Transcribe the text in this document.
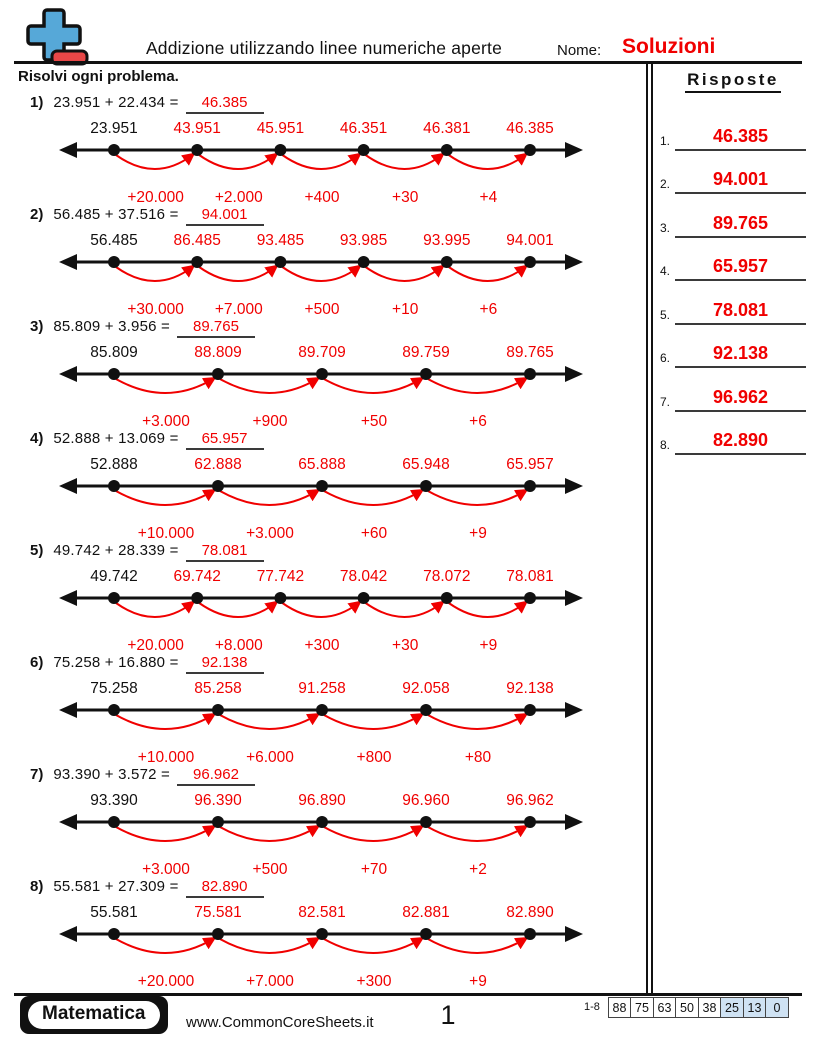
Addizione utilizzando linee numeriche aperte	Nome: Soluzioni
Risolvi ogni problema.
1) 23.951 + 22.434 =	46.385
+20.000 +2.000	+400	+30	+4
23.951 43.951 45.951 46.351 46.381 46.385
2) 56.485 + 37.516 =	94.001
+30.000 +7.000	+500	+10	+6
56.485 86.485 93.485 93.985 93.995 94.001
3) 85.809 + 3.956 =	89.765
+3.000	+900	+50	+6
85.809	88.809	89.709	89.759	89.765
4) 52.888 + 13.069 =	65.957
+10.000	+3.000	+60	+9
52.888	62.888	65.888	65.948	65.957
5) 49.742 + 28.339 =	78.081
+20.000 +8.000	+300	+30	+9
49.742 69.742 77.742 78.042 78.072 78.081
6) 75.258 + 16.880 =	92.138
+10.000	+6.000	+800	+80
75.258	85.258	91.258	92.058	92.138
7) 93.390 + 3.572 =	96.962
+3.000	+500	+70	+2
93.390	96.390	96.890	96.960	96.962
8) 55.581 + 27.309 =	82.890
+20.000	+7.000	+300	+9
55.581	75.581	82.581	82.881	82.890
Risposte
1.	46.385
2.	94.001
3.	89.765
4.	65.957
5.	78.081
6.	92.138
7.	96.962
8.	82.890
Matematica	www.CommonCoreSheets.it	1	1-8	88 75 63 50 38 25 13 0
